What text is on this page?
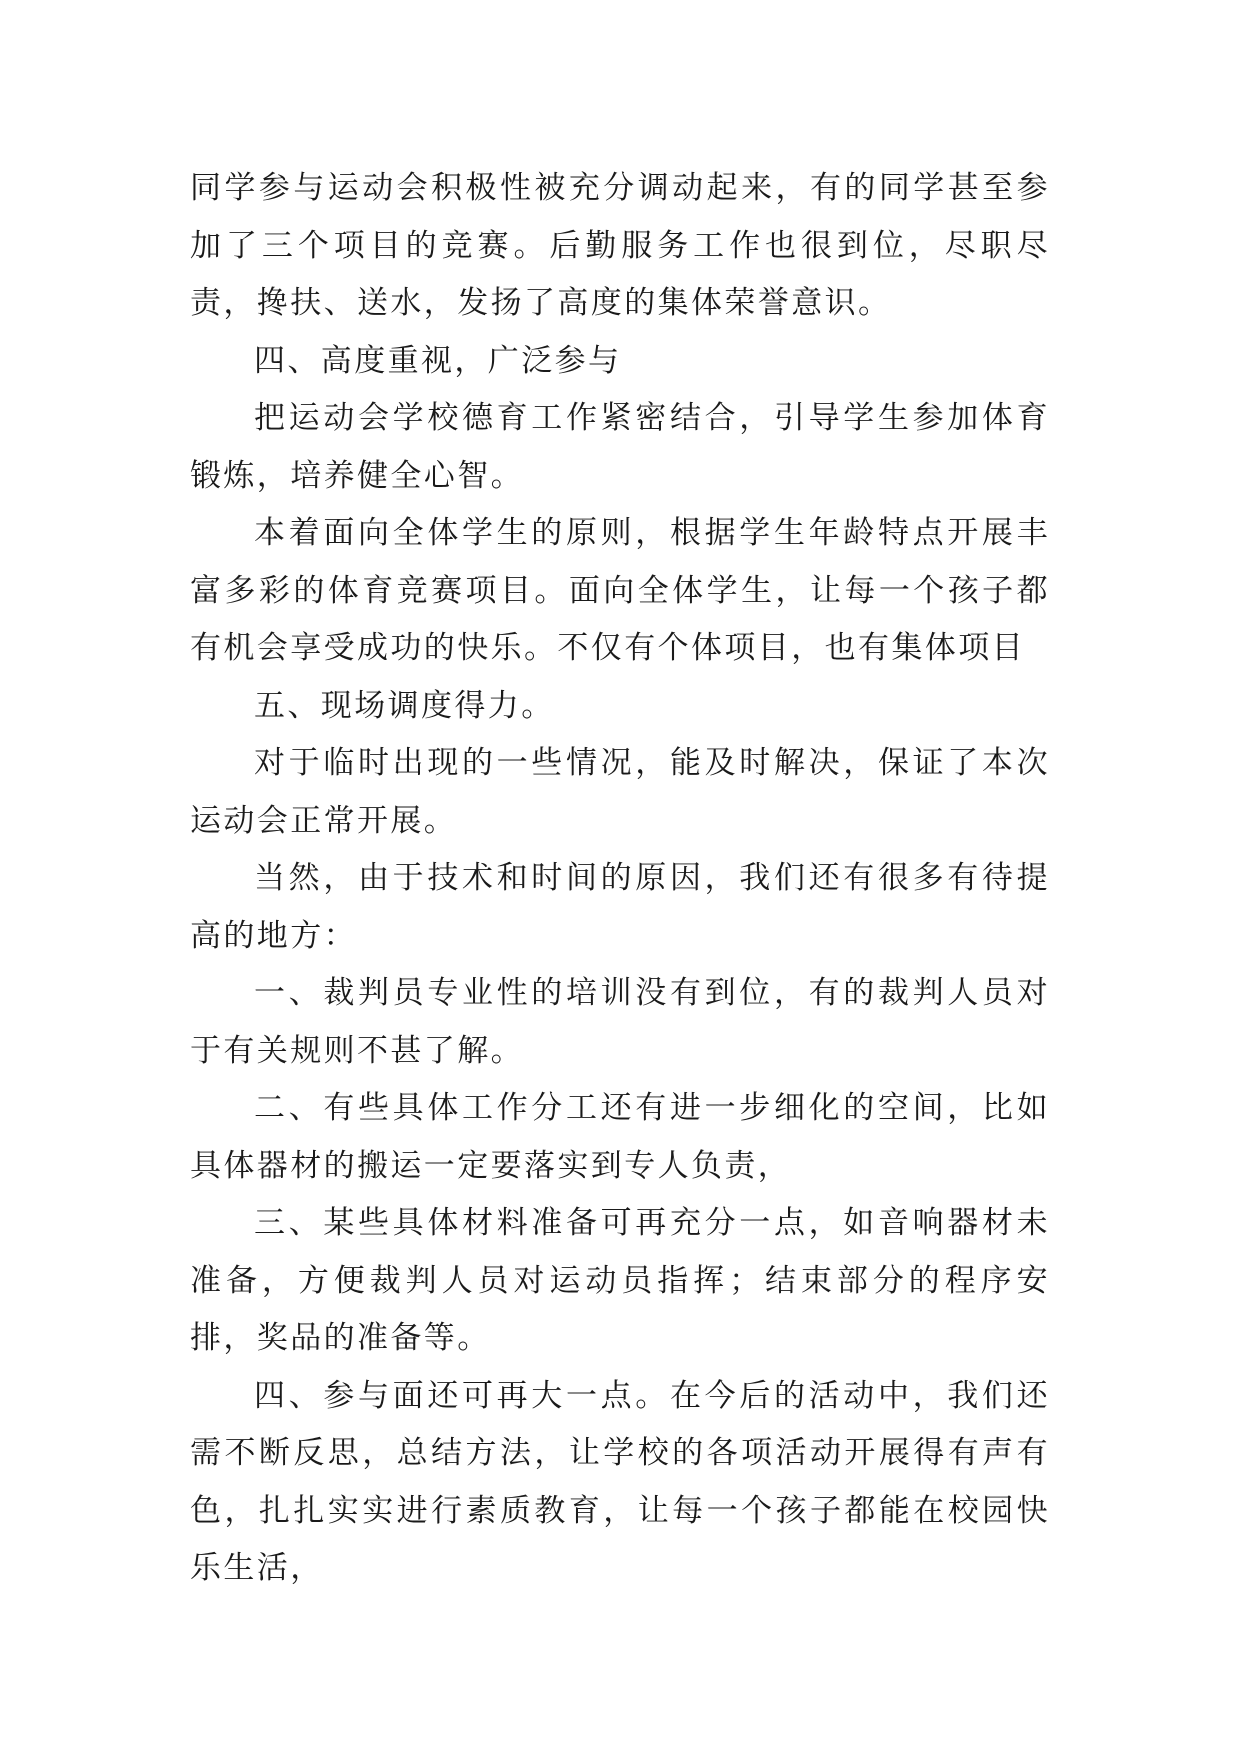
同学参与运动会积极性被充分调动起来，有的同学甚至参加了三个项目的竞赛。后勤服务工作也很到位，尽职尽责，搀扶、送水，发扬了高度的集体荣誉意识。

四、高度重视，广泛参与

把运动会学校德育工作紧密结合，引导学生参加体育锻炼，培养健全心智。

本着面向全体学生的原则，根据学生年龄特点开展丰富多彩的体育竞赛项目。面向全体学生，让每一个孩子都有机会享受成功的快乐。不仅有个体项目，也有集体项目

五、现场调度得力。

对于临时出现的一些情况，能及时解决，保证了本次运动会正常开展。

当然，由于技术和时间的原因，我们还有很多有待提高的地方：

一、裁判员专业性的培训没有到位，有的裁判人员对于有关规则不甚了解。

二、有些具体工作分工还有进一步细化的空间，比如具体器材的搬运一定要落实到专人负责，

三、某些具体材料准备可再充分一点，如音响器材未准备，方便裁判人员对运动员指挥；结束部分的程序安排，奖品的准备等。

四、参与面还可再大一点。在今后的活动中，我们还需不断反思，总结方法，让学校的各项活动开展得有声有色，扎扎实实进行素质教育，让每一个孩子都能在校园快乐生活，
